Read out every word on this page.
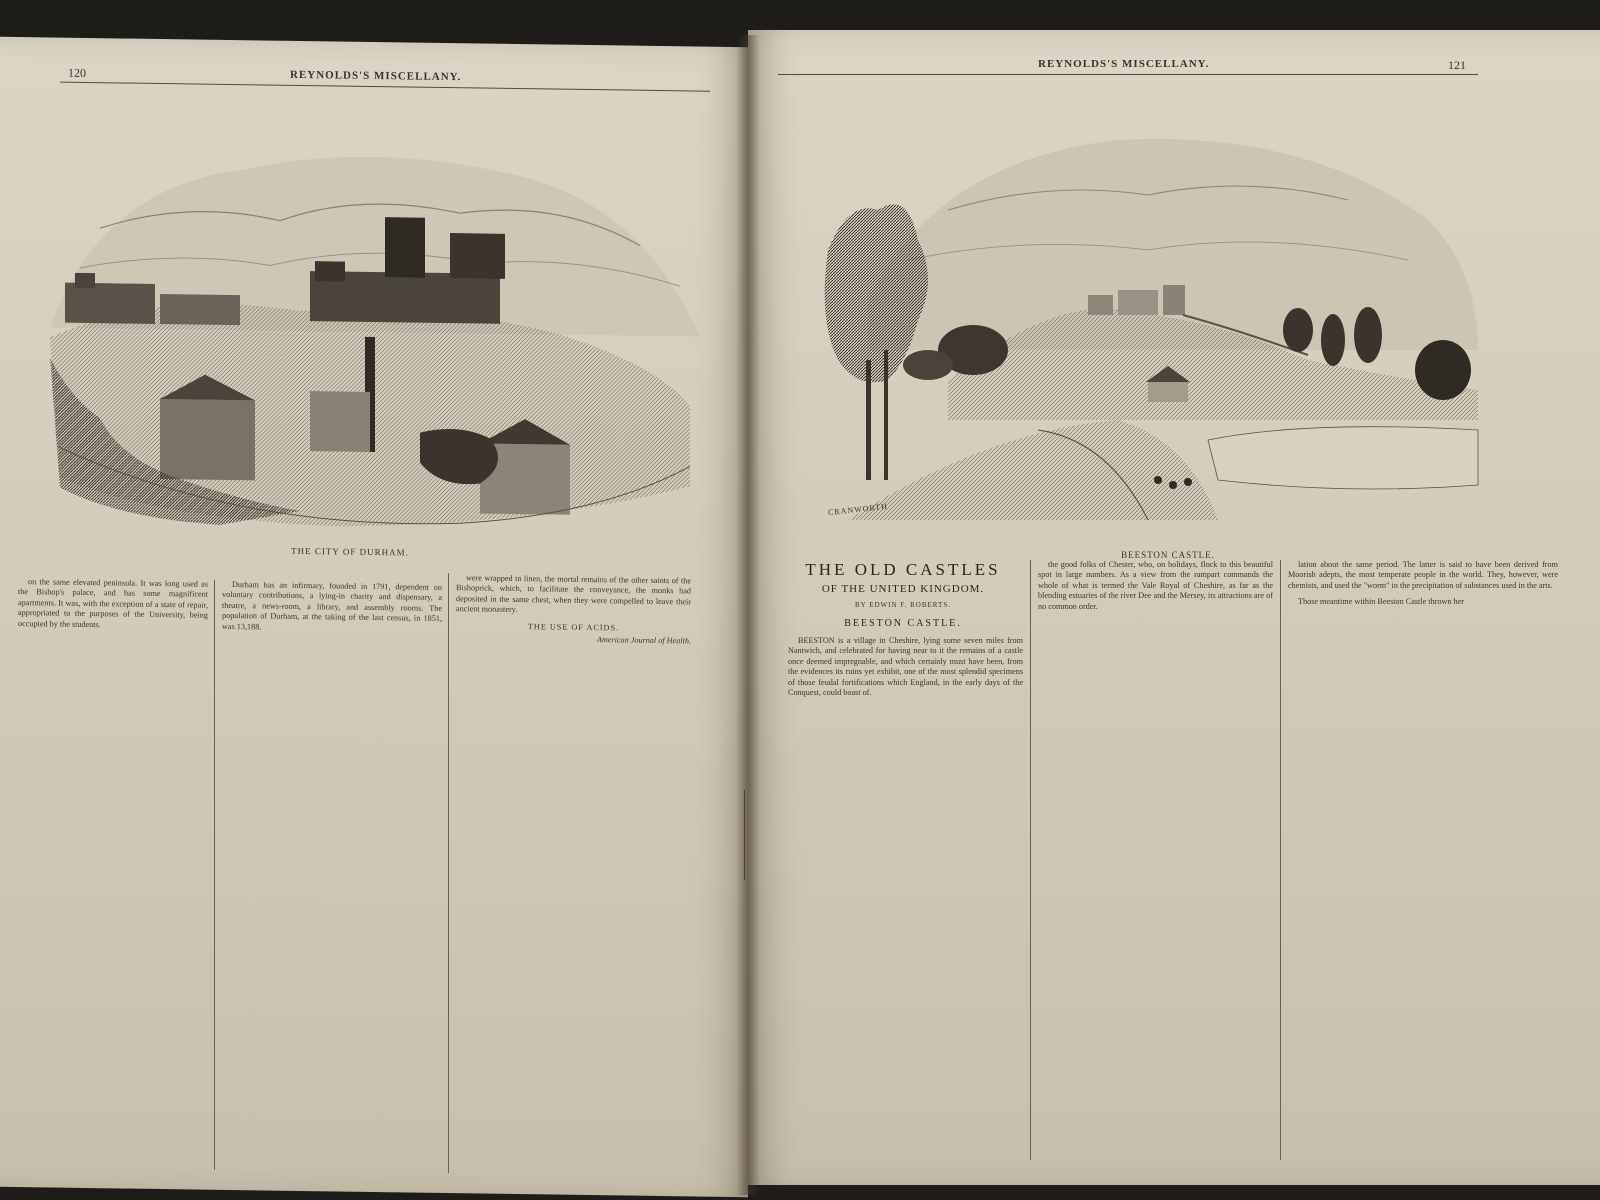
120	REYNOLDS'S MISCELLANY.
THE CITY OF DURHAM.

on the same elevated peninsula. It was long used as the Bishop's palace, and has some magnificent apartments. It was, with the exception of a state of repair, appropriated to the purposes of the University, being occupied by the students.

Durham has an infirmary, founded in 1791, dependent on voluntary contributions, a lying-in charity and dispensary, a theatre, a news-room, a library, and assembly rooms. The population of Durham, at the taking of the last census, in 1851, was 13,188.

were wrapped in linen, the mortal remains of the other saints of the Bishoprick, which, to facilitate the conveyance, the monks had deposited in the same chest, when they were compelled to leave their ancient monastery.

THE USE OF ACIDS.

American Journal of Health.

REYNOLDS'S MISCELLANY.	121
CRANWORTH
BEESTON CASTLE.
THE OLD CASTLES
OF THE UNITED KINGDOM.
BY EDWIN F. ROBERTS.
BEESTON CASTLE.

BEESTON is a village in Cheshire, lying some seven miles from Nantwich, and celebrated for having near to it the remains of a castle once deemed impregnable, and which certainly must have been, from the evidences its ruins yet exhibit, one of the most splendid specimens of those feudal fortifications which England, in the early days of the Conquest, could boast of.

the good folks of Chester, who, on holidays, flock to this beautiful spot in large numbers. As a view from the rampart commands the whole of what is termed the Vale Royal of Cheshire, as far as the blending estuaries of the river Dee and the Mersey, its attractions are of no common order.

lation about the same period. The latter is said to have been derived from Moorish adepts, the most temperate people in the world. They, however, were chemists, and used the "worm" in the precipitation of substances used in the arts.

Those meantime within Beeston Castle thrown her
